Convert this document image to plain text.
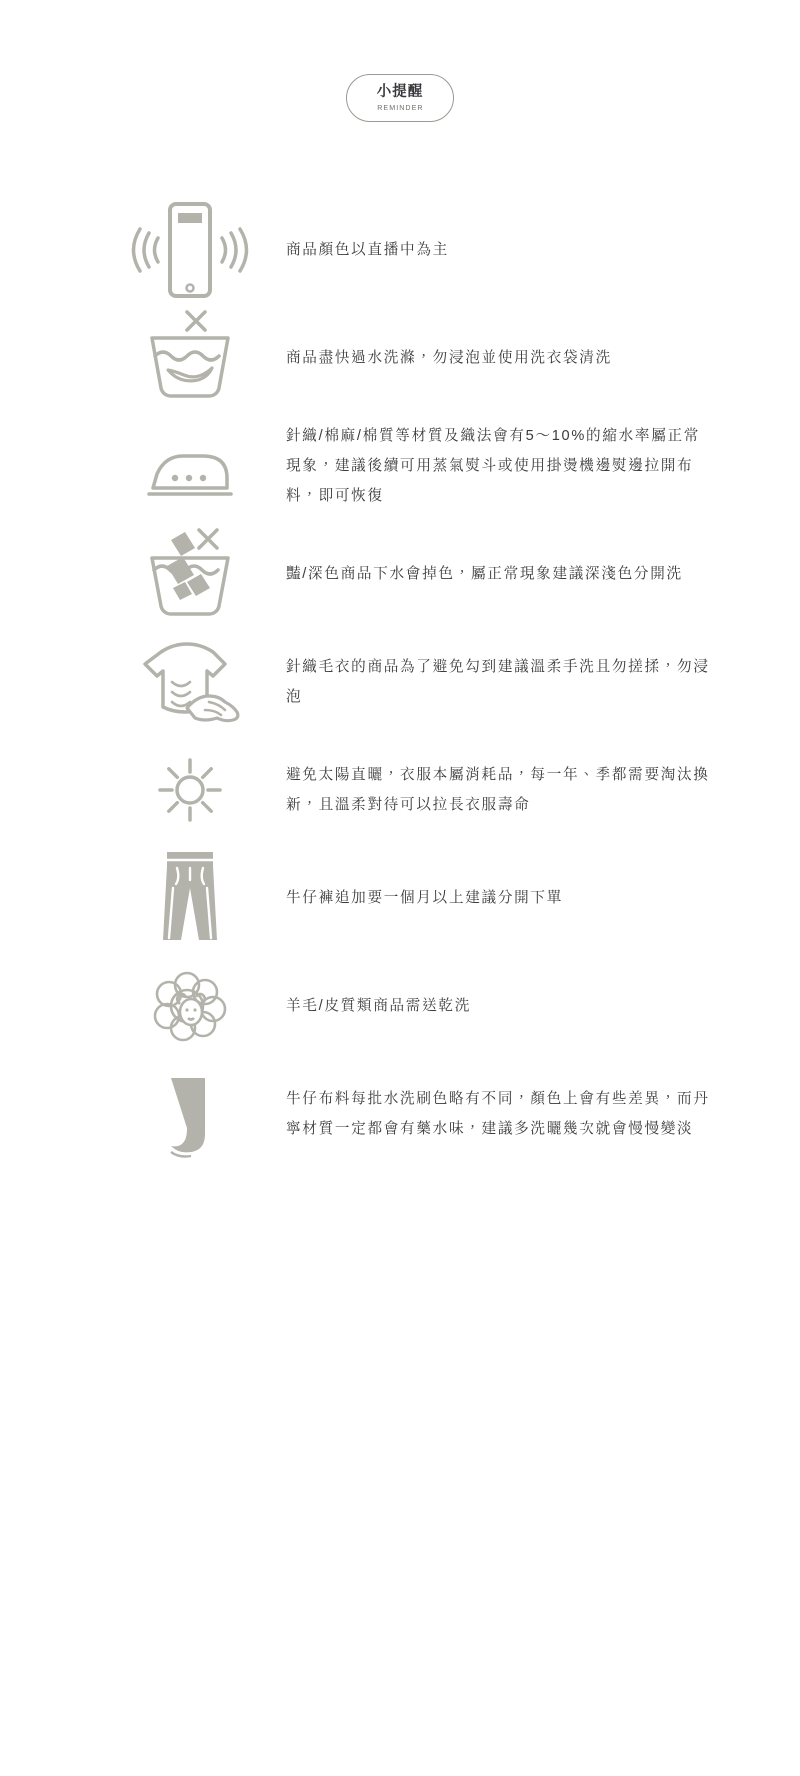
小提醒
REMINDER

商品顏色以直播中為主

商品盡快過水洗滌，勿浸泡並使用洗衣袋清洗

針織/棉麻/棉質等材質及織法會有5～10%的縮水率屬正常現象，建議後續可用蒸氣熨斗或使用掛燙機邊熨邊拉開布料，即可恢復

豔/深色商品下水會掉色，屬正常現象建議深淺色分開洗

針織毛衣的商品為了避免勾到建議溫柔手洗且勿搓揉，勿浸泡

避免太陽直曬，衣服本屬消耗品，每一年、季都需要淘汰換新，且溫柔對待可以拉長衣服壽命

牛仔褲追加要一個月以上建議分開下單

羊毛/皮質類商品需送乾洗

牛仔布料每批水洗刷色略有不同，顏色上會有些差異，而丹寧材質一定都會有藥水味，建議多洗曬幾次就會慢慢變淡
